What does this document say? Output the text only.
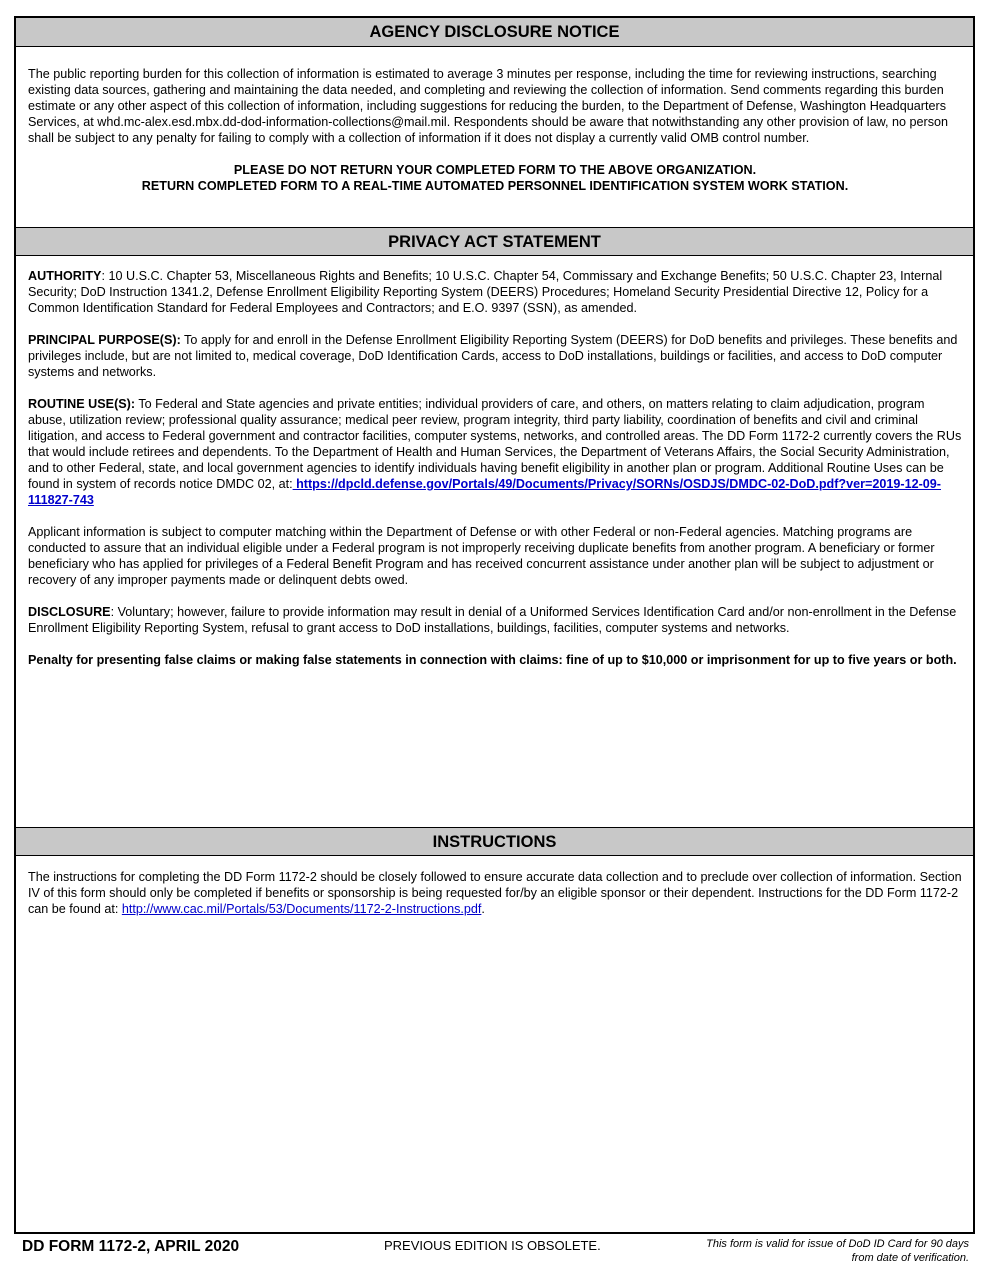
AGENCY DISCLOSURE NOTICE

The public reporting burden for this collection of information is estimated to average 3 minutes per response, including the time for reviewing instructions, searching existing data sources, gathering and maintaining the data needed, and completing and reviewing the collection of information. Send comments regarding this burden estimate or any other aspect of this collection of information, including suggestions for reducing the burden, to the Department of Defense, Washington Headquarters Services, at whd.mc-alex.esd.mbx.dd-dod-information-collections@mail.mil. Respondents should be aware that notwithstanding any other provision of law, no person shall be subject to any penalty for failing to comply with a collection of information if it does not display a currently valid OMB control number.

PLEASE DO NOT RETURN YOUR COMPLETED FORM TO THE ABOVE ORGANIZATION.
RETURN COMPLETED FORM TO A REAL-TIME AUTOMATED PERSONNEL IDENTIFICATION SYSTEM WORK STATION.
PRIVACY ACT STATEMENT

AUTHORITY: 10 U.S.C. Chapter 53, Miscellaneous Rights and Benefits; 10 U.S.C. Chapter 54, Commissary and Exchange Benefits; 50 U.S.C. Chapter 23, Internal Security; DoD Instruction 1341.2, Defense Enrollment Eligibility Reporting System (DEERS) Procedures; Homeland Security Presidential Directive 12, Policy for a Common Identification Standard for Federal Employees and Contractors; and E.O. 9397 (SSN), as amended.

PRINCIPAL PURPOSE(S): To apply for and enroll in the Defense Enrollment Eligibility Reporting System (DEERS) for DoD benefits and privileges. These benefits and privileges include, but are not limited to, medical coverage, DoD Identification Cards, access to DoD installations, buildings or facilities, and access to DoD computer systems and networks.

ROUTINE USE(S): To Federal and State agencies and private entities; individual providers of care, and others, on matters relating to claim adjudication, program abuse, utilization review; professional quality assurance; medical peer review, program integrity, third party liability, coordination of benefits and civil and criminal litigation, and access to Federal government and contractor facilities, computer systems, networks, and controlled areas. The DD Form 1172-2 currently covers the RUs that would include retirees and dependents. To the Department of Health and Human Services, the Department of Veterans Affairs, the Social Security Administration, and to other Federal, state, and local government agencies to identify individuals having benefit eligibility in another plan or program. Additional Routine Uses can be found in system of records notice DMDC 02, at: https://dpcld.defense.gov/Portals/49/Documents/Privacy/SORNs/OSDJS/DMDC-02-DoD.pdf?ver=2019-12-09-111827-743

Applicant information is subject to computer matching within the Department of Defense or with other Federal or non-Federal agencies. Matching programs are conducted to assure that an individual eligible under a Federal program is not improperly receiving duplicate benefits from another program. A beneficiary or former beneficiary who has applied for privileges of a Federal Benefit Program and has received concurrent assistance under another plan will be subject to adjustment or recovery of any improper payments made or delinquent debts owed.

DISCLOSURE: Voluntary; however, failure to provide information may result in denial of a Uniformed Services Identification Card and/or non-enrollment in the Defense Enrollment Eligibility Reporting System, refusal to grant access to DoD installations, buildings, facilities, computer systems and networks.

Penalty for presenting false claims or making false statements in connection with claims: fine of up to $10,000 or imprisonment for up to five years or both.

INSTRUCTIONS

The instructions for completing the DD Form 1172-2 should be closely followed to ensure accurate data collection and to preclude over collection of information. Section IV of this form should only be completed if benefits or sponsorship is being requested for/by an eligible sponsor or their dependent. Instructions for the DD Form 1172-2 can be found at: http://www.cac.mil/Portals/53/Documents/1172-2-Instructions.pdf.

DD FORM 1172-2, APRIL 2020	PREVIOUS EDITION IS OBSOLETE.	This form is valid for issue of DoD ID Card for 90 days
from date of verification.
